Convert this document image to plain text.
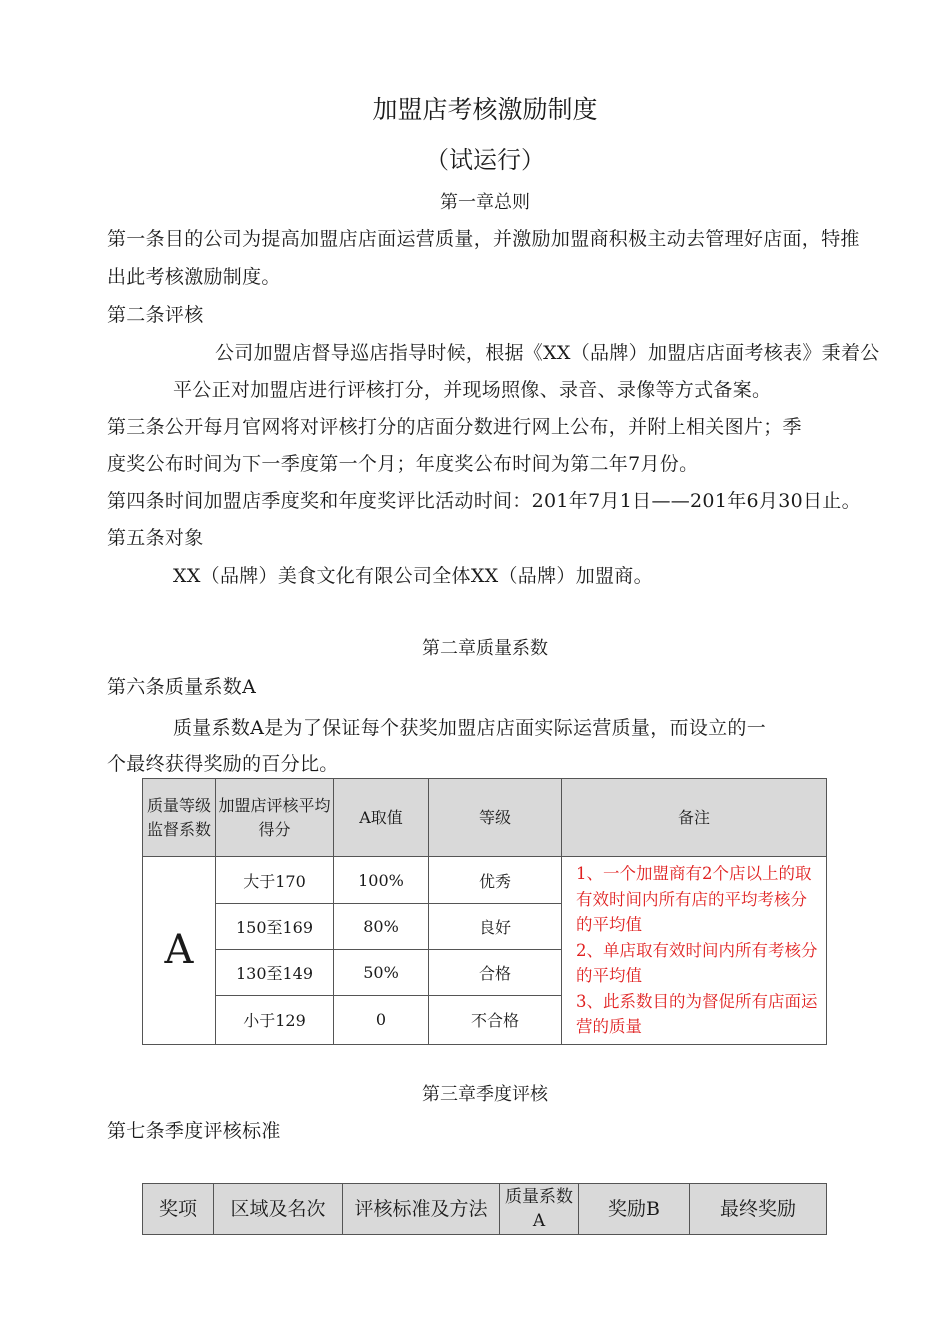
加盟店考核激励制度
（试运行）
第一章总则
第一条目的公司为提高加盟店店面运营质量，并激励加盟商积极主动去管理好店面，特推
出此考核激励制度。
第二条评核
公司加盟店督导巡店指导时候，根据《XX（品牌）加盟店店面考核表》秉着公
平公正对加盟店进行评核打分，并现场照像、录音、录像等方式备案。
第三条公开每月官网将对评核打分的店面分数进行网上公布，并附上相关图片；季
度奖公布时间为下一季度第一个月；年度奖公布时间为第二年7月份。
第四条时间加盟店季度奖和年度奖评比活动时间：201年7月1日——201年6月30日止。
第五条对象
XX（品牌）美食文化有限公司全体XX（品牌）加盟商。
第二章质量系数
第六条质量系数A
质量系数A是为了保证每个获奖加盟店店面实际运营质量，而设立的一
个最终获得奖励的百分比。
质量等级监督系数	加盟店评核平均得分	A取值	等级	备注
A	大于170	100%	优秀	1、一个加盟商有2个店以上的取有效时间内所有店的平均考核分的平均值
2、单店取有效时间内所有考核分的平均值
3、此系数目的为督促所有店面运营的质量

	150至169	80%	良好	
	130至149	50%	合格	
	小于129	0	不合格	
第三章季度评核
第七条季度评核标准
奖项	区域及名次	评核标准及方法	质量系数A	奖励B	最终奖励
